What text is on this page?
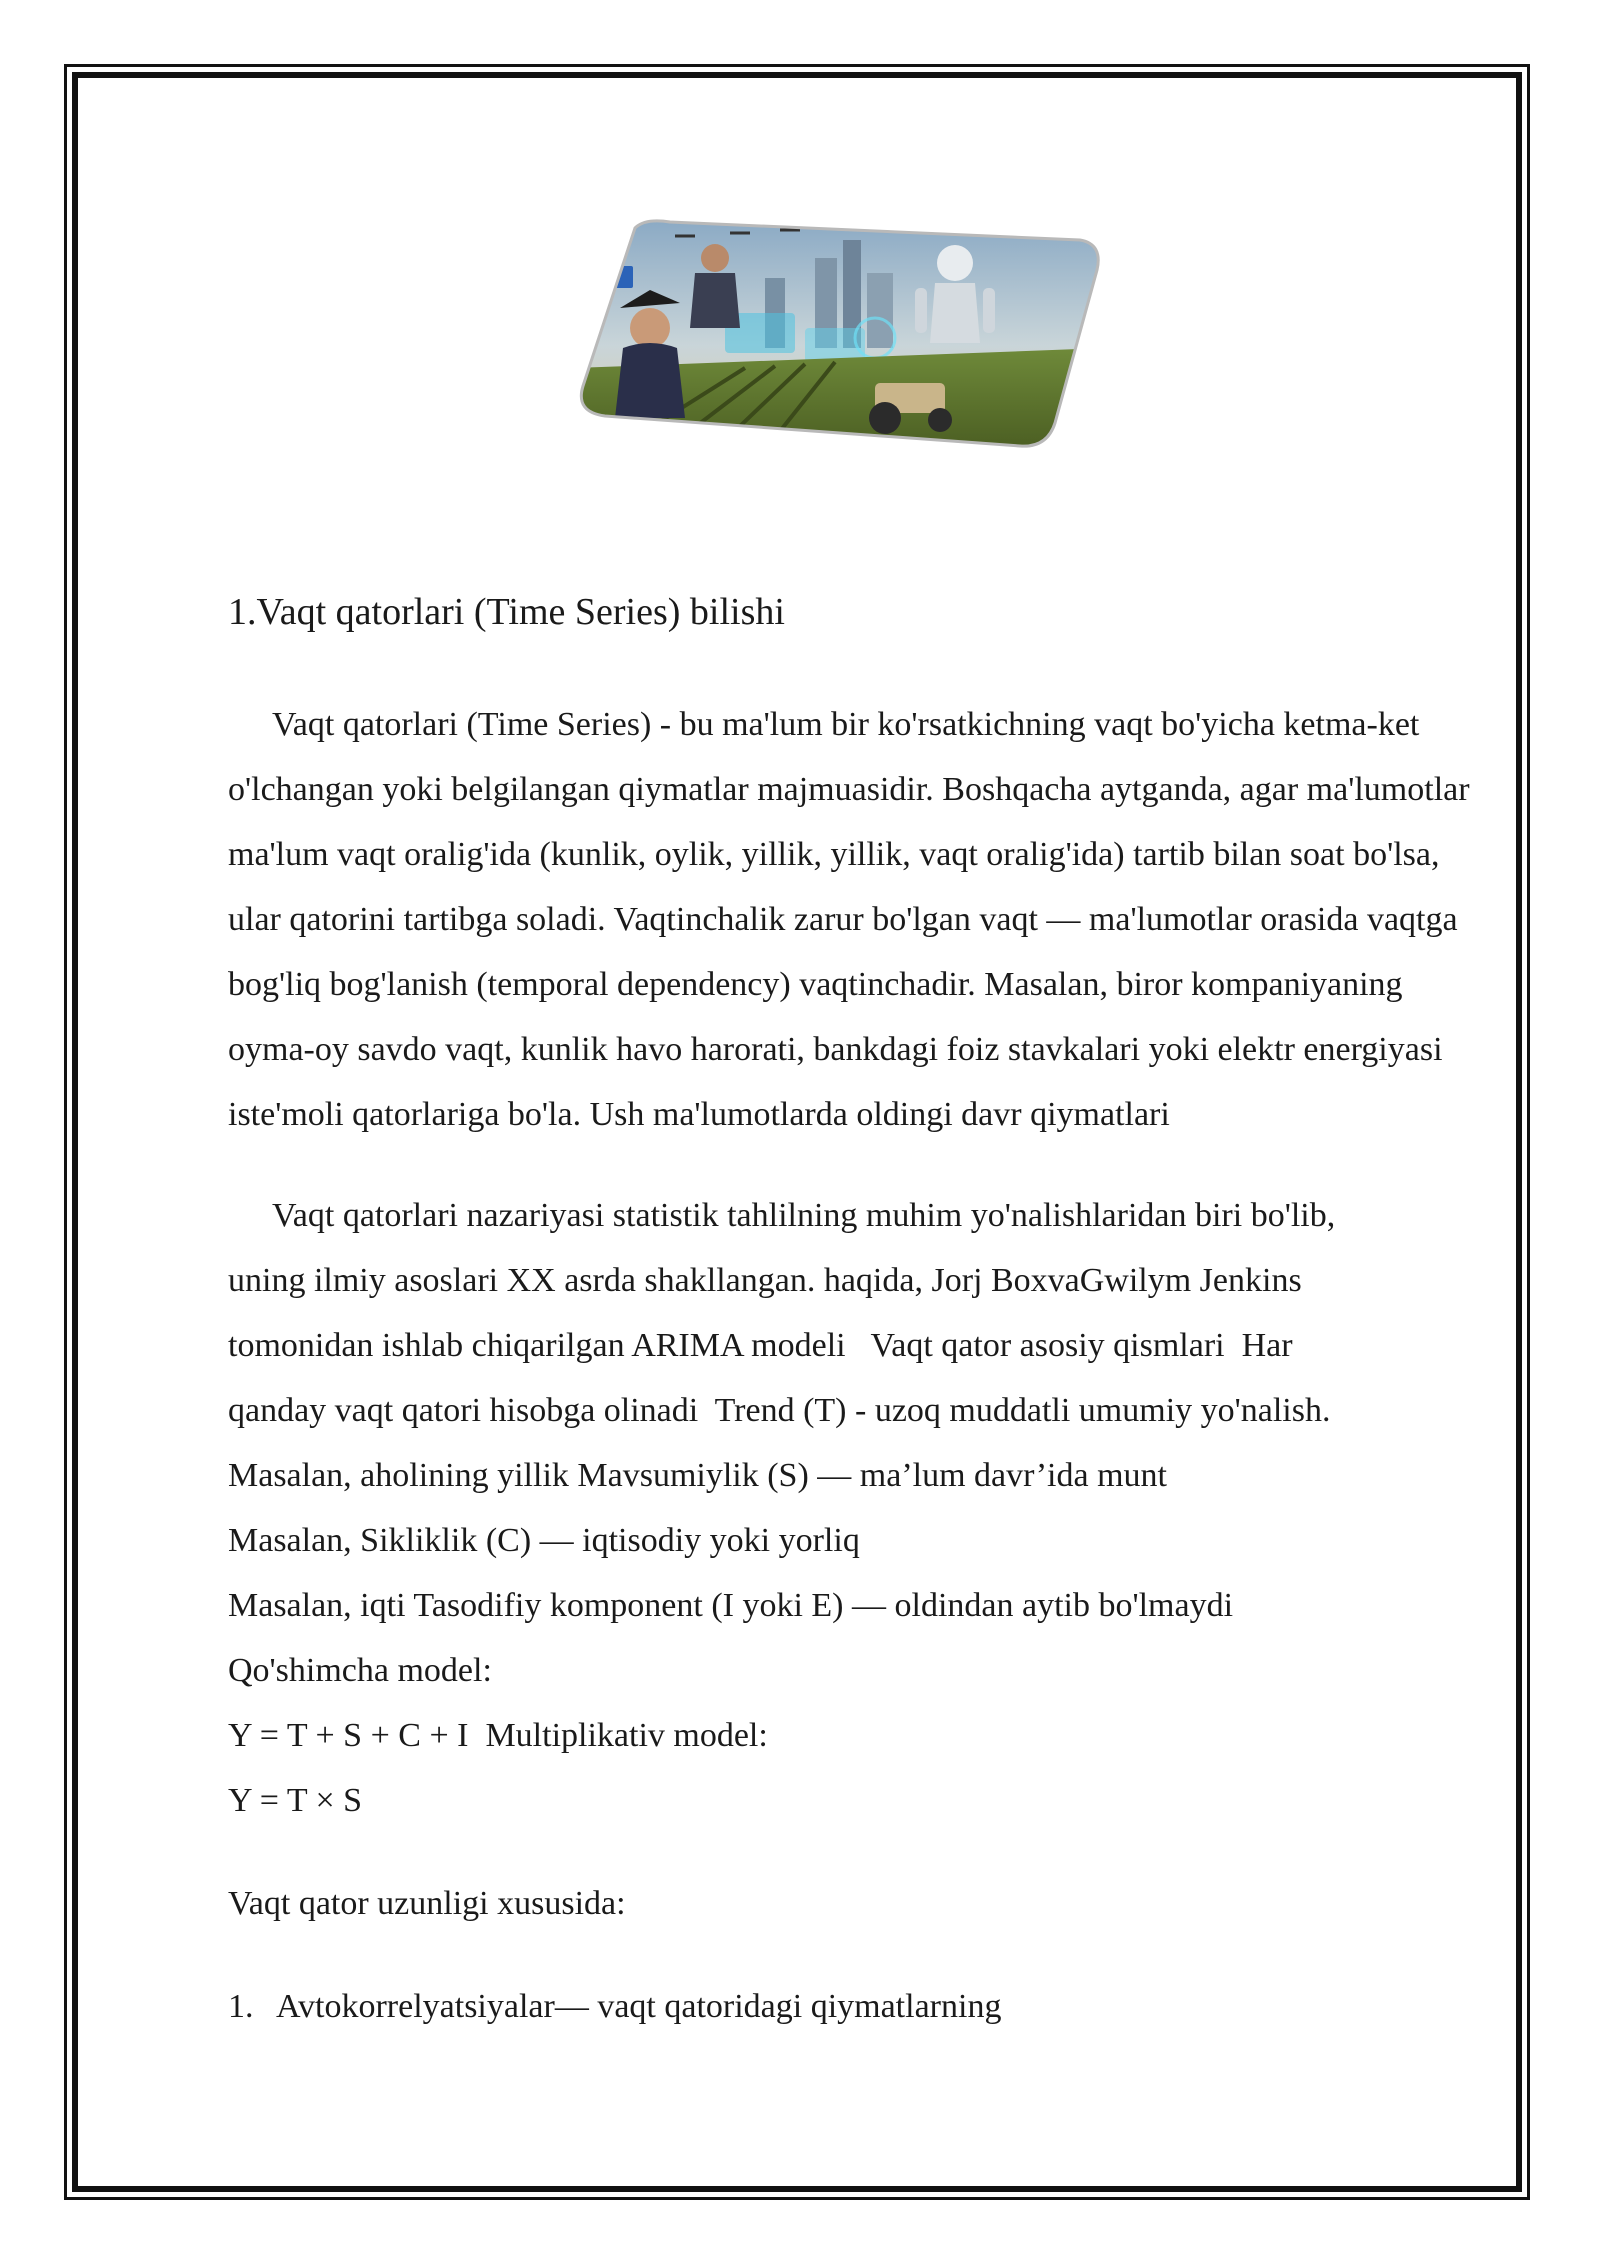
1.Vaqt qatorlari (Time Series) bilishi

Vaqt qatorlari (Time Series) - bu ma'lum bir ko'rsatkichning vaqt bo'yicha ketma-ket o'lchangan yoki belgilangan qiymatlar majmuasidir. Boshqacha aytganda, agar ma'lumotlar ma'lum vaqt oralig'ida (kunlik, oylik, yillik, yillik, vaqt oralig'ida) tartib bilan soat bo'lsa, ular qatorini tartibga soladi. Vaqtinchalik zarur bo'lgan vaqt — ma'lumotlar orasida vaqtga bog'liq bog'lanish (temporal dependency) vaqtinchadir. Masalan, biror kompaniyaning oyma-oy savdo vaqt, kunlik havo harorati, bankdagi foiz stavkalari yoki elektr energiyasi iste'moli qatorlariga bo'la. Ush ma'lumotlarda oldingi davr qiymatlari

Vaqt qatorlari nazariyasi statistik tahlilning muhim yo'nalishlaridan biri bo'lib,
uning ilmiy asoslari XX asrda shakllangan. haqida, Jorj BoxvaGwilym Jenkins
tomonidan ishlab chiqarilgan ARIMA modeli   Vaqt qator asosiy qismlari  Har
qanday vaqt qatori hisobga olinadi  Trend (T) - uzoq muddatli umumiy yo'nalish.
Masalan, aholining yillik Mavsumiylik (S) — ma’lum davr’ida munt
Masalan, Sikliklik (C) — iqtisodiy yoki yorliq
Masalan, iqti Tasodifiy komponent (I yoki E) — oldindan aytib bo'lmaydi
Qo'shimcha model:
Y = T + S + C + I  Multiplikativ model:
Y = T × S

Vaqt qator uzunligi xususida:

1. Avtokorrelyatsiyalar— vaqt qatoridagi qiymatlarning
